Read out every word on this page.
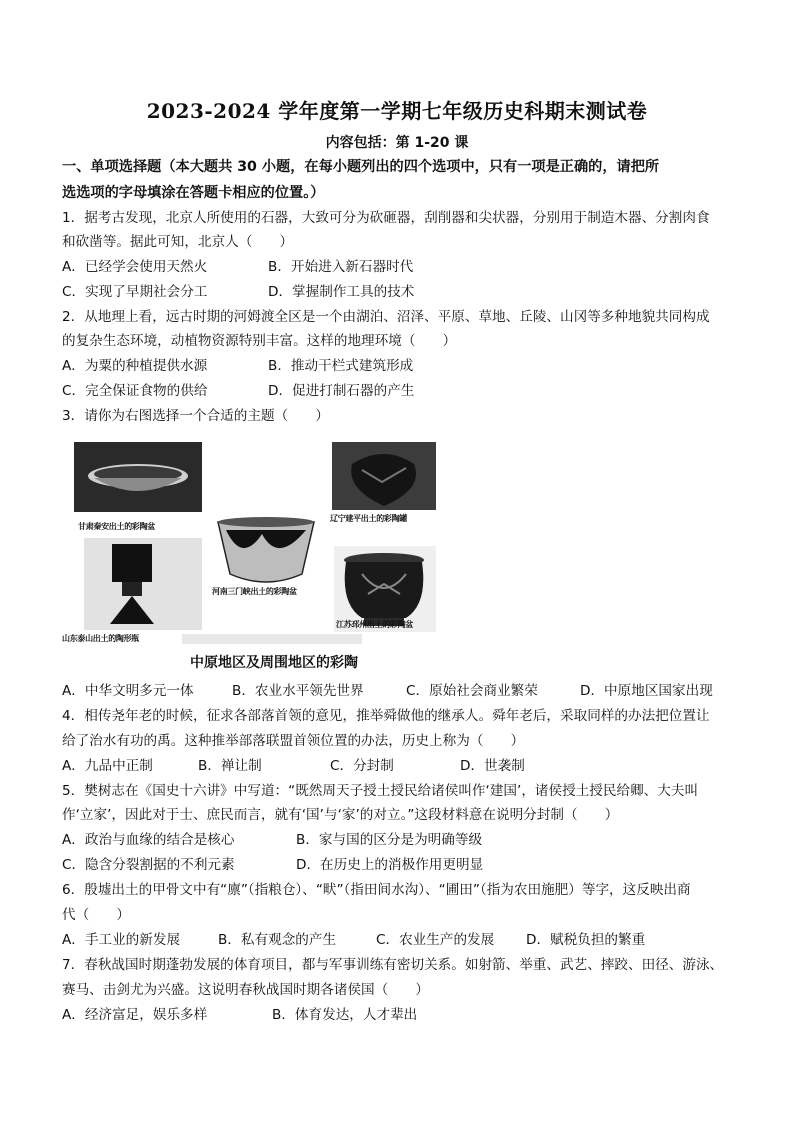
2023-2024 学年度第一学期七年级历史科期末测试卷
内容包括：第 1-20 课
一、单项选择题（本大题共 30 小题，在每小题列出的四个选项中，只有一项是正确的，请把所
选选项的字母填涂在答题卡相应的位置。）
1．据考古发现，北京人所使用的石器，大致可分为砍砸器，刮削器和尖状器，分别用于制造木器、分割肉食
和砍凿等。据此可知，北京人（　　）
A．已经学会使用天然火	B．开始进入新石器时代
C．实现了早期社会分工	D．掌握制作工具的技术
2．从地理上看，远古时期的河姆渡全区是一个由湖泊、沼泽、平原、草地、丘陵、山冈等多种地貌共同构成
的复杂生态环境，动植物资源特别丰富。这样的地理环境（　　）
A．为粟的种植提供水源	B．推动干栏式建筑形成
C．完全保证食物的供给	D．促进打制石器的产生
3．请你为右图选择一个合适的主题（　　）
甘肃秦安出土的彩陶盆
辽宁建平出土的彩陶罐
河南三门峡出土的彩陶盆
山东泰山出土的陶形瓶
江苏邳州出土的彩陶盆
中原地区及周围地区的彩陶
A．中华文明多元一体	B．农业水平领先世界	C．原始社会商业繁荣	D．中原地区国家出现
4．相传尧年老的时候，征求各部落首领的意见，推举舜做他的继承人。舜年老后，采取同样的办法把位置让
给了治水有功的禹。这种推举部落联盟首领位置的办法，历史上称为（　　）
A．九品中正制	B．禅让制	C．分封制	D．世袭制
5．樊树志在《国史十六讲》中写道：“既然周天子授土授民给诸侯叫作‘建国’，诸侯授土授民给卿、大夫叫
作‘立家’，因此对于士、庶民而言，就有‘国’与‘家’的对立。”这段材料意在说明分封制（　　）
A．政治与血缘的结合是核心	B．家与国的区分是为明确等级
C．隐含分裂割据的不利元素	D．在历史上的消极作用更明显
6．殷墟出土的甲骨文中有“廪”（指粮仓）、“畎”（指田间水沟）、“圃田”（指为农田施肥）等字，这反映出商
代（　　）
A．手工业的新发展	B．私有观念的产生	C．农业生产的发展 D．赋税负担的繁重
7．春秋战国时期蓬勃发展的体育项目，都与军事训练有密切关系。如射箭、举重、武艺、摔跤、田径、游泳、
赛马、击剑尤为兴盛。这说明春秋战国时期各诸侯国（　　）
A．经济富足，娱乐多样	B．体育发达，人才辈出
